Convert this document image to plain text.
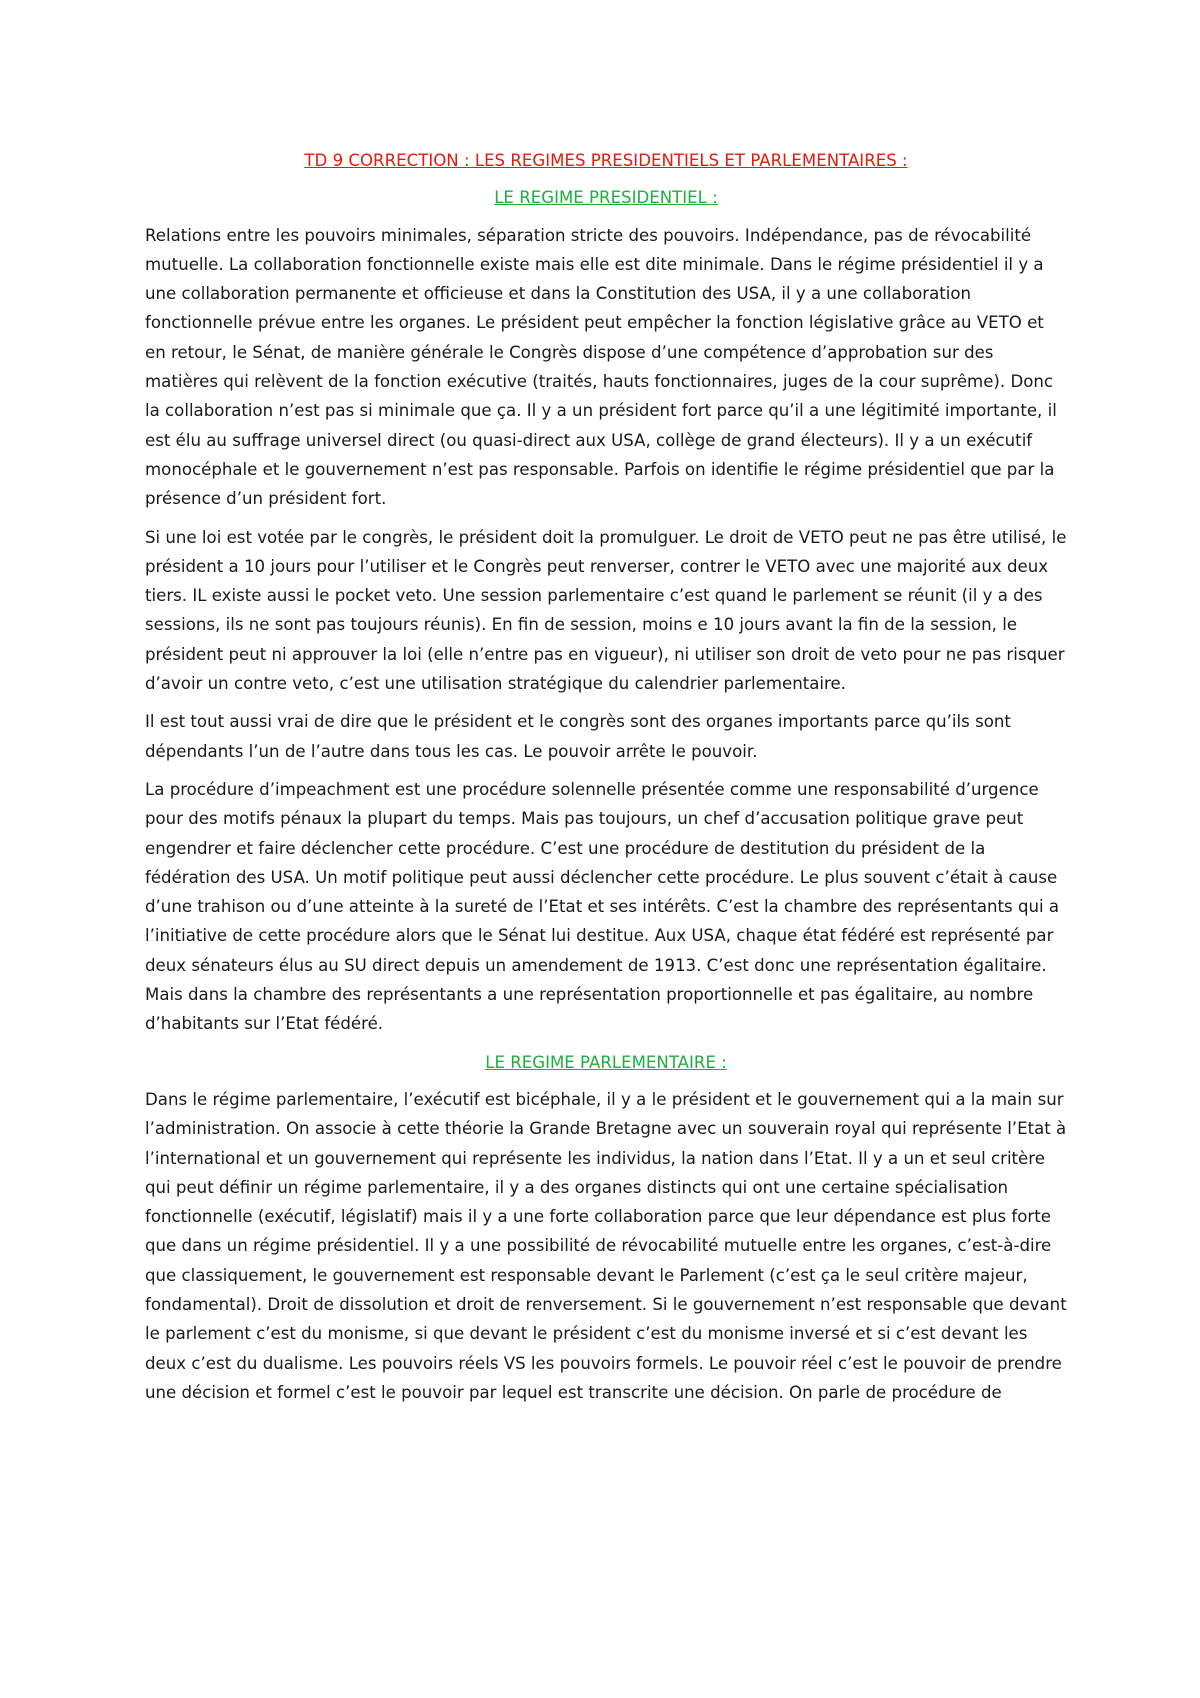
TD 9 CORRECTION : LES REGIMES PRESIDENTIELS ET PARLEMENTAIRES :
LE REGIME PRESIDENTIEL :

Relations entre les pouvoirs minimales, séparation stricte des pouvoirs. Indépendance, pas de révocabilité mutuelle. La collaboration fonctionnelle existe mais elle est dite minimale. Dans le régime présidentiel il y a une collaboration permanente et officieuse et dans la Constitution des USA, il y a une collaboration fonctionnelle prévue entre les organes. Le président peut empêcher la fonction législative grâce au VETO et en retour, le Sénat, de manière générale le Congrès dispose d’une compétence d’approbation sur des matières qui relèvent de la fonction exécutive (traités, hauts fonctionnaires, juges de la cour suprême). Donc la collaboration n’est pas si minimale que ça. Il y a un président fort parce qu’il a une légitimité importante, il est élu au suffrage universel direct (ou quasi-direct aux USA, collège de grand électeurs). Il y a un exécutif monocéphale et le gouvernement n’est pas responsable. Parfois on identifie le régime présidentiel que par la présence d’un président fort.

Si une loi est votée par le congrès, le président doit la promulguer. Le droit de VETO peut ne pas être utilisé, le président a 10 jours pour l’utiliser et le Congrès peut renverser, contrer le VETO avec une majorité aux deux tiers. IL existe aussi le pocket veto. Une session parlementaire c’est quand le parlement se réunit (il y a des sessions, ils ne sont pas toujours réunis). En fin de session, moins e 10 jours avant la fin de la session, le président peut ni approuver la loi (elle n’entre pas en vigueur), ni utiliser son droit de veto pour ne pas risquer d’avoir un contre veto, c’est une utilisation stratégique du calendrier parlementaire.

Il est tout aussi vrai de dire que le président et le congrès sont des organes importants parce qu’ils sont dépendants l’un de l’autre dans tous les cas. Le pouvoir arrête le pouvoir.

La procédure d’impeachment est une procédure solennelle présentée comme une responsabilité d’urgence pour des motifs pénaux la plupart du temps. Mais pas toujours, un chef d’accusation politique grave peut engendrer et faire déclencher cette procédure. C’est une procédure de destitution du président de la fédération des USA. Un motif politique peut aussi déclencher cette procédure. Le plus souvent c’était à cause d’une trahison ou d’une atteinte à la sureté de l’Etat et ses intérêts. C’est la chambre des représentants qui a l’initiative de cette procédure alors que le Sénat lui destitue. Aux USA, chaque état fédéré est représenté par deux sénateurs élus au SU direct depuis un amendement de 1913. C’est donc une représentation égalitaire. Mais dans la chambre des représentants a une représentation proportionnelle et pas égalitaire, au nombre d’habitants sur l’Etat fédéré.

LE REGIME PARLEMENTAIRE :

Dans le régime parlementaire, l’exécutif est bicéphale, il y a le président et le gouvernement qui a la main sur l’administration. On associe à cette théorie la Grande Bretagne avec un souverain royal qui représente l’Etat à l’international et un gouvernement qui représente les individus, la nation dans l’Etat. Il y a un et seul critère qui peut définir un régime parlementaire, il y a des organes distincts qui ont une certaine spécialisation fonctionnelle (exécutif, législatif) mais il y a une forte collaboration parce que leur dépendance est plus forte que dans un régime présidentiel. Il y a une possibilité de révocabilité mutuelle entre les organes, c’est-à-dire que classiquement, le gouvernement est responsable devant le Parlement (c’est ça le seul critère majeur, fondamental). Droit de dissolution et droit de renversement. Si le gouvernement n’est responsable que devant le parlement c’est du monisme, si que devant le président c’est du monisme inversé et si c’est devant les deux c’est du dualisme. Les pouvoirs réels VS les pouvoirs formels. Le pouvoir réel c’est le pouvoir de prendre une décision et formel c’est le pouvoir par lequel est transcrite une décision. On parle de procédure de
